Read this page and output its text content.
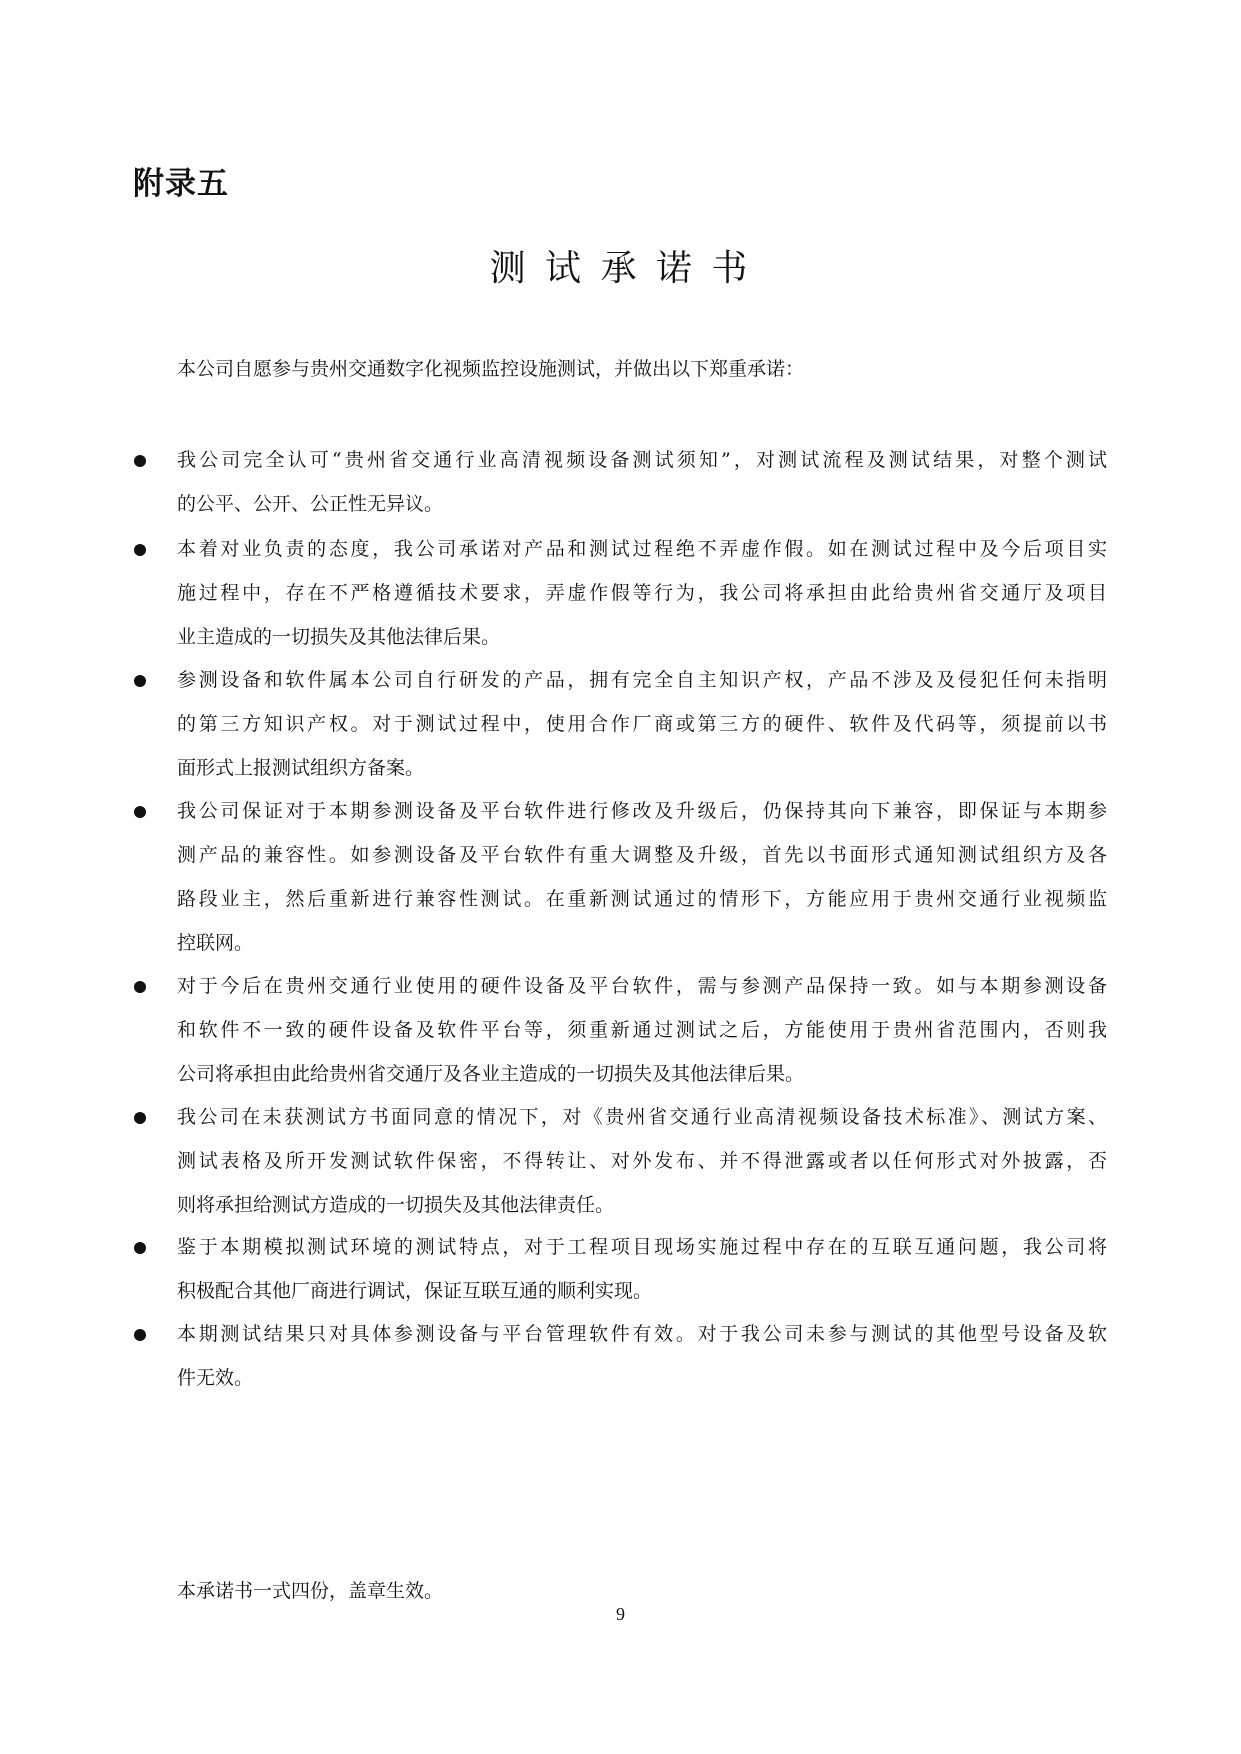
附录五
测 试 承 诺 书

本公司自愿参与贵州交通数字化视频监控设施测试，并做出以下郑重承诺：

我公司完全认可“贵州省交通行业高清视频设备测试须知”，对测试流程及测试结果，对整个测试
的公平、公开、公正性无异议。
本着对业负责的态度，我公司承诺对产品和测试过程绝不弄虚作假。如在测试过程中及今后项目实
施过程中，存在不严格遵循技术要求，弄虚作假等行为，我公司将承担由此给贵州省交通厅及项目
业主造成的一切损失及其他法律后果。
参测设备和软件属本公司自行研发的产品，拥有完全自主知识产权，产品不涉及及侵犯任何未指明
的第三方知识产权。对于测试过程中，使用合作厂商或第三方的硬件、软件及代码等，须提前以书
面形式上报测试组织方备案。
我公司保证对于本期参测设备及平台软件进行修改及升级后，仍保持其向下兼容，即保证与本期参
测产品的兼容性。如参测设备及平台软件有重大调整及升级，首先以书面形式通知测试组织方及各
路段业主，然后重新进行兼容性测试。在重新测试通过的情形下，方能应用于贵州交通行业视频监
控联网。
对于今后在贵州交通行业使用的硬件设备及平台软件，需与参测产品保持一致。如与本期参测设备
和软件不一致的硬件设备及软件平台等，须重新通过测试之后，方能使用于贵州省范围内，否则我
公司将承担由此给贵州省交通厅及各业主造成的一切损失及其他法律后果。
我公司在未获测试方书面同意的情况下，对《贵州省交通行业高清视频设备技术标准》、测试方案、
测试表格及所开发测试软件保密，不得转让、对外发布、并不得泄露或者以任何形式对外披露，否
则将承担给测试方造成的一切损失及其他法律责任。
鉴于本期模拟测试环境的测试特点，对于工程项目现场实施过程中存在的互联互通问题，我公司将
积极配合其他厂商进行调试，保证互联互通的顺利实现。
本期测试结果只对具体参测设备与平台管理软件有效。对于我公司未参与测试的其他型号设备及软
件无效。

本承诺书一式四份，盖章生效。

9
